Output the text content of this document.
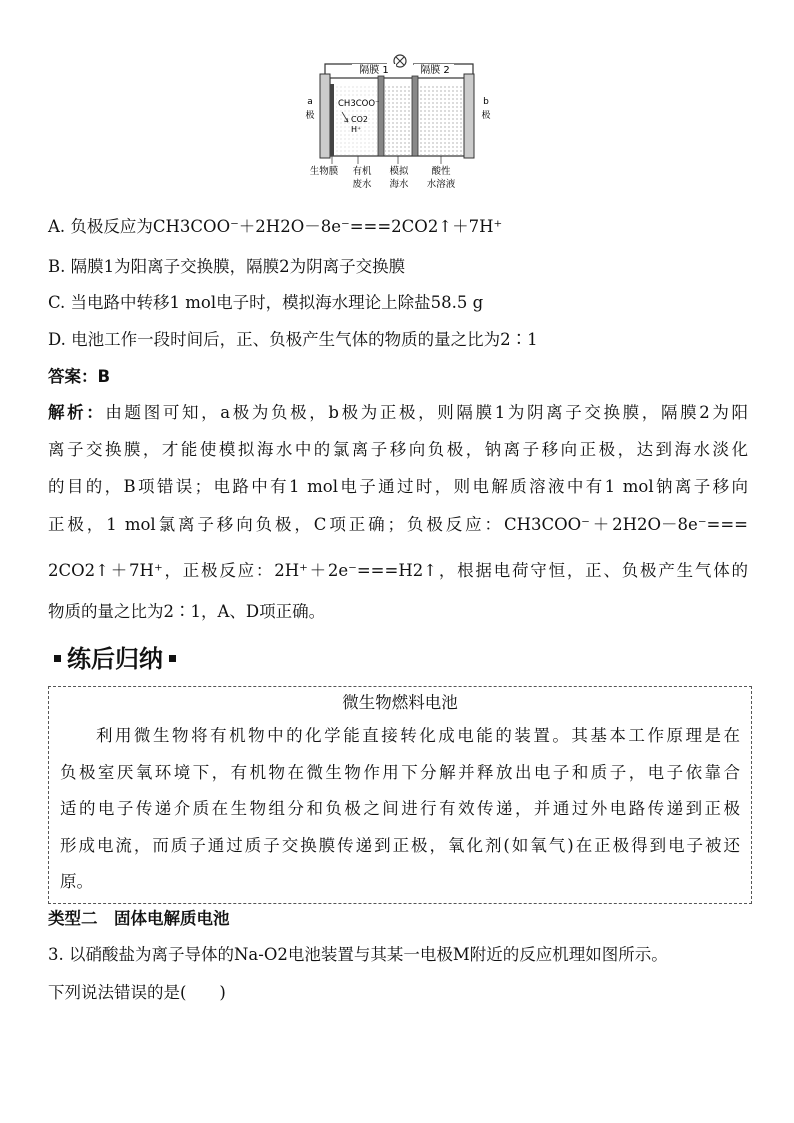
隔膜 1	隔膜 2
a
极
b
极
CH3COO⁻
CO2
H⁺
生物膜 有机
废水
模拟
海水
酸性
水溶液
A. 负极反应为CH3COO⁻＋2H2O－8e⁻===2CO2↑＋7H⁺
B. 隔膜1为阳离子交换膜，隔膜2为阴离子交换膜
C. 当电路中转移1 mol电子时，模拟海水理论上除盐58.5 g
D. 电池工作一段时间后，正、负极产生气体的物质的量之比为2∶1
答案：B
解析：由题图可知，a极为负极，b极为正极，则隔膜1为阴离子交换膜，隔膜2为阳
离子交换膜，才能使模拟海水中的氯离子移向负极，钠离子移向正极，达到海水淡化
的目的，B项错误；电路中有1 mol电子通过时，则电解质溶液中有1 mol钠离子移向
正极，1 mol氯离子移向负极，C项正确；负极反应：CH3COO⁻＋2H2O－8e⁻===
2CO2↑＋7H⁺，正极反应：2H⁺＋2e⁻===H2↑，根据电荷守恒，正、负极产生气体的
物质的量之比为2∶1，A、D项正确。
练后归纳
微生物燃料电池
利用微生物将有机物中的化学能直接转化成电能的装置。其基本工作原理是在
负极室厌氧环境下，有机物在微生物作用下分解并释放出电子和质子，电子依靠合
适的电子传递介质在生物组分和负极之间进行有效传递，并通过外电路传递到正极
形成电流，而质子通过质子交换膜传递到正极，氧化剂(如氧气)在正极得到电子被还
原。
类型二　固体电解质电池
3. 以硝酸盐为离子导体的Na-O2电池装置与其某一电极M附近的反应机理如图所示。
下列说法错误的是(　　)
